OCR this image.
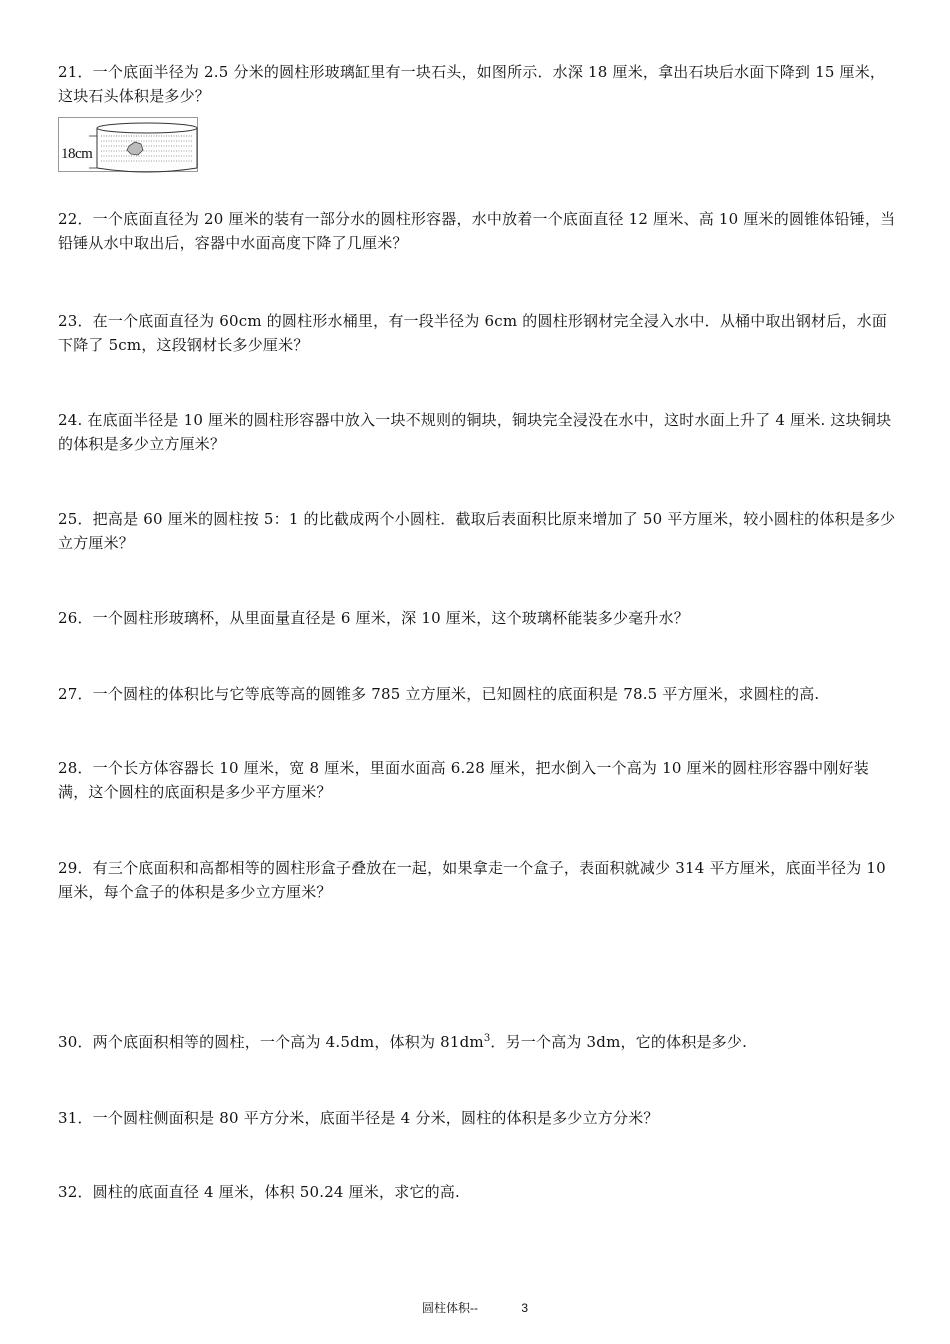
21．一个底面半径为 2.5 分米的圆柱形玻璃缸里有一块石头，如图所示．水深 18 厘米，拿出石块后水面下降到 15 厘米，这块石头体积是多少？

18cm

22．一个底面直径为 20 厘米的装有一部分水的圆柱形容器，水中放着一个底面直径 12 厘米、高 10 厘米的圆锥体铅锤，当铅锤从水中取出后，容器中水面高度下降了几厘米？

23．在一个底面直径为 60cm 的圆柱形水桶里，有一段半径为 6cm 的圆柱形钢材完全浸入水中．从桶中取出钢材后，水面下降了 5cm，这段钢材长多少厘米？

24. 在底面半径是 10 厘米的圆柱形容器中放入一块不规则的铜块，铜块完全浸没在水中，这时水面上升了 4 厘米. 这块铜块的体积是多少立方厘米？

25．把高是 60 厘米的圆柱按 5：1 的比截成两个小圆柱．截取后表面积比原来增加了 50 平方厘米，较小圆柱的体积是多少立方厘米？

26．一个圆柱形玻璃杯，从里面量直径是 6 厘米，深 10 厘米，这个玻璃杯能装多少毫升水？

27．一个圆柱的体积比与它等底等高的圆锥多 785 立方厘米，已知圆柱的底面积是 78.5 平方厘米，求圆柱的高.

28．一个长方体容器长 10 厘米，宽 8 厘米，里面水面高 6.28 厘米，把水倒入一个高为 10 厘米的圆柱形容器中刚好装满，这个圆柱的底面积是多少平方厘米？

29．有三个底面积和高都相等的圆柱形盒子叠放在一起，如果拿走一个盒子，表面积就减少 314 平方厘米，底面半径为 10 厘米，每个盒子的体积是多少立方厘米？

30．两个底面积相等的圆柱，一个高为 4.5dm，体积为 $81dm^3$．另一个高为 3dm，它的体积是多少.

31．一个圆柱侧面积是 80 平方分米，底面半径是 4 分米，圆柱的体积是多少立方分米？

32．圆柱的底面直径 4 厘米，体积 50.24 厘米，求它的高.

圆柱体积--	3
